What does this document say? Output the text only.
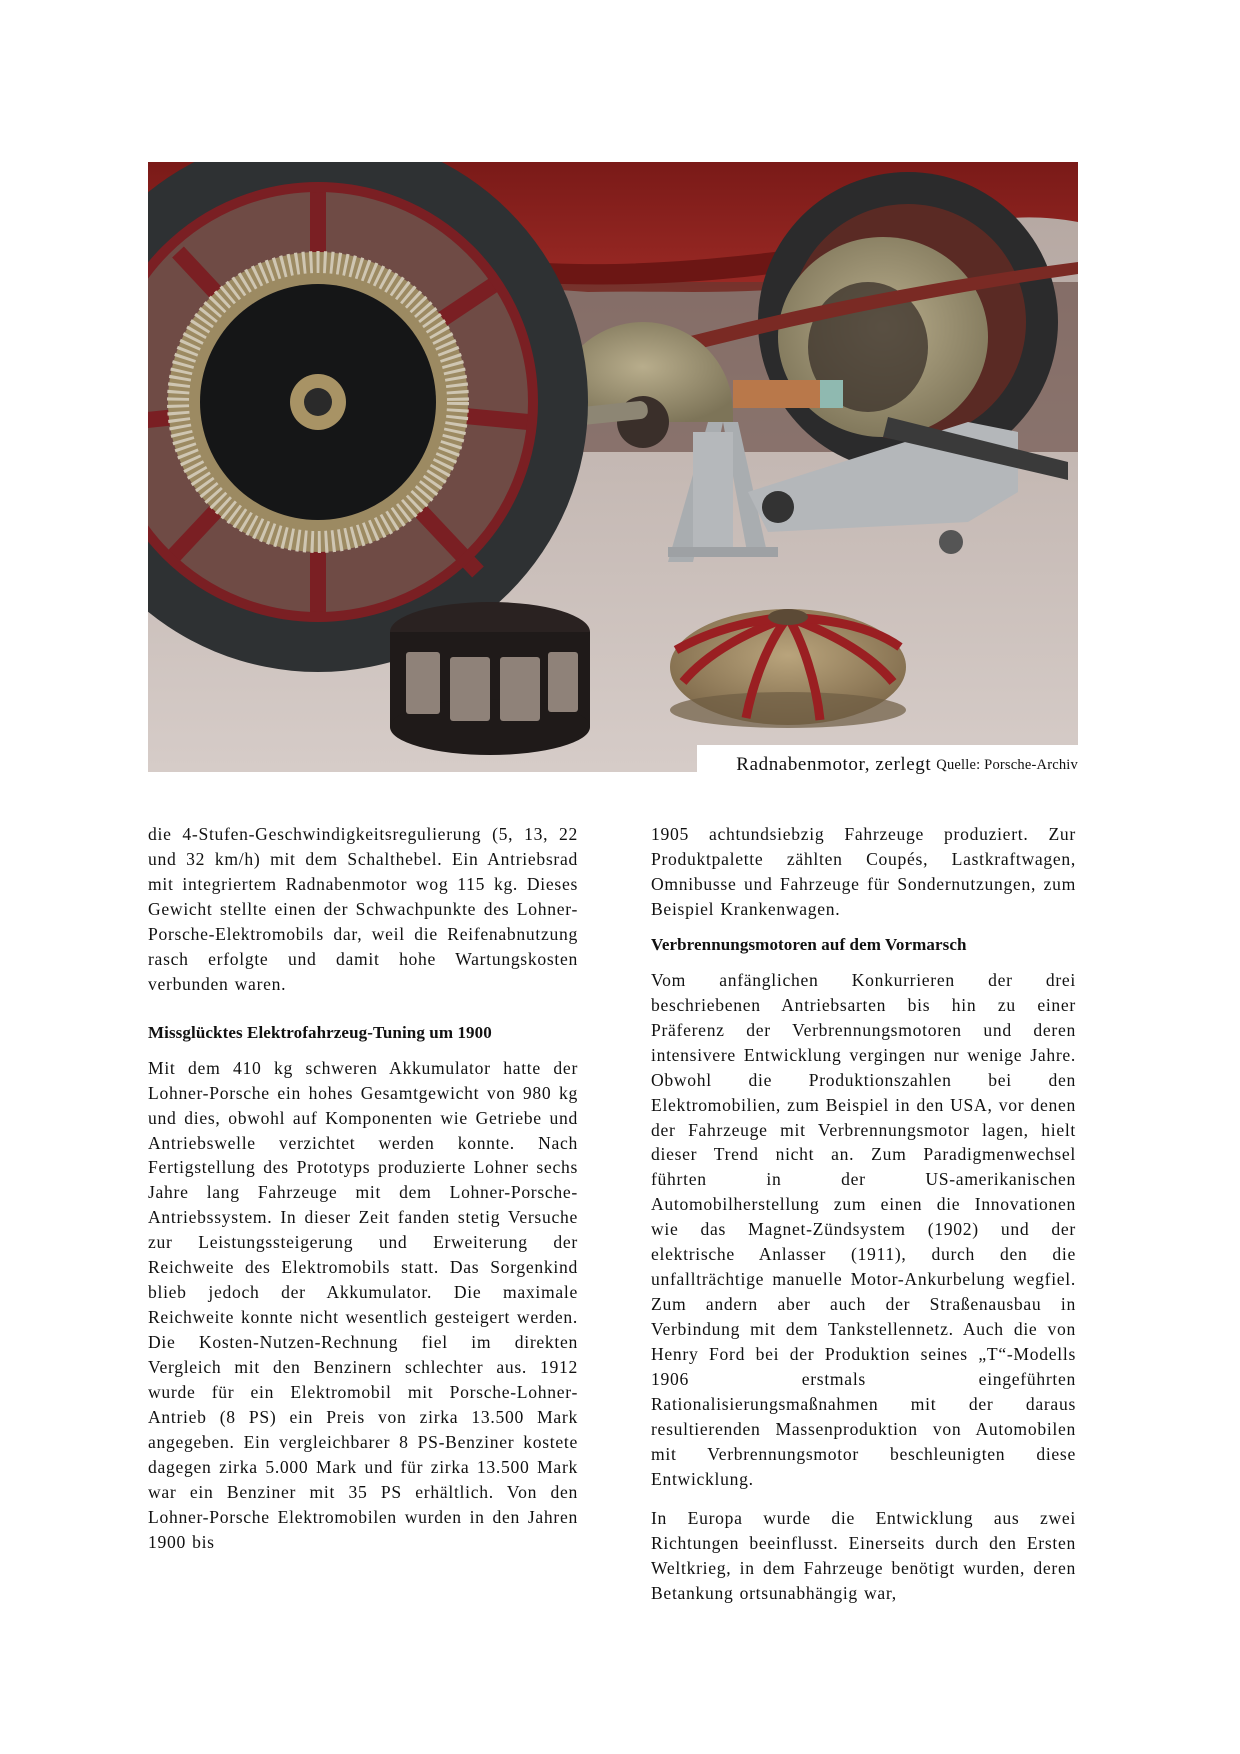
Radnabenmotor, zerlegt Quelle: Porsche-Archiv

die 4-Stufen-Geschwindigkeitsregulierung (5, 13, 22 und 32 km/h) mit dem Schalthebel. Ein Antriebsrad mit integriertem Radnabenmotor wog 115 kg. Dieses Gewicht stellte einen der Schwachpunkte des Lohner-Porsche-Elektromobils dar, weil die Reifenabnutzung rasch erfolgte und damit hohe Wartungskosten verbunden waren.

Missglücktes Elektrofahrzeug-Tuning um 1900

Mit dem 410 kg schweren Akkumulator hatte der Lohner-Porsche ein hohes Gesamtgewicht von 980 kg und dies, obwohl auf Komponenten wie Getriebe und Antriebswelle verzichtet werden konnte. Nach Fertigstellung des Prototyps produzierte Lohner sechs Jahre lang Fahrzeuge mit dem Lohner-Porsche-Antriebssystem. In dieser Zeit fanden stetig Versuche zur Leistungssteigerung und Erweiterung der Reichweite des Elektromobils statt. Das Sorgenkind blieb jedoch der Akkumulator. Die maximale Reichweite konnte nicht wesentlich gesteigert werden. Die Kosten-Nutzen-Rechnung fiel im direkten Vergleich mit den Benzinern schlechter aus. 1912 wurde für ein Elektromobil mit Porsche-Lohner-Antrieb (8 PS) ein Preis von zirka 13.500 Mark angegeben. Ein vergleichbarer 8 PS-Benziner kostete dagegen zirka 5.000 Mark und für zirka 13.500 Mark war ein Benziner mit 35 PS erhältlich. Von den Lohner-Porsche Elektromobilen wurden in den Jahren 1900 bis

1905 achtundsiebzig Fahrzeuge produziert. Zur Produktpalette zählten Coupés, Lastkraftwagen, Omnibusse und Fahrzeuge für Sondernutzungen, zum Beispiel Krankenwagen.

Verbrennungsmotoren auf dem Vormarsch

Vom anfänglichen Konkurrieren der drei beschriebenen Antriebsarten bis hin zu einer Präferenz der Verbrennungsmotoren und deren intensivere Entwicklung vergingen nur wenige Jahre. Obwohl die Produktionszahlen bei den Elektromobilien, zum Beispiel in den USA, vor denen der Fahrzeuge mit Verbrennungsmotor lagen, hielt dieser Trend nicht an. Zum Paradigmenwechsel führten in der US-amerikanischen Automobilherstellung zum einen die Innovationen wie das Magnet-Zündsystem (1902) und der elektrische Anlasser (1911), durch den die unfallträchtige manuelle Motor-Ankurbelung wegfiel. Zum andern aber auch der Straßenausbau in Verbindung mit dem Tankstellennetz. Auch die von Henry Ford bei der Produktion seines „T“-Modells 1906 erstmals eingeführten Rationalisierungsmaßnahmen mit der daraus resultierenden Massenproduktion von Automobilen mit Verbrennungsmotor beschleunigten diese Entwicklung.

In Europa wurde die Entwicklung aus zwei Richtungen beeinflusst. Einerseits durch den Ersten Weltkrieg, in dem Fahrzeuge benötigt wurden, deren Betankung ortsunabhängig war,
